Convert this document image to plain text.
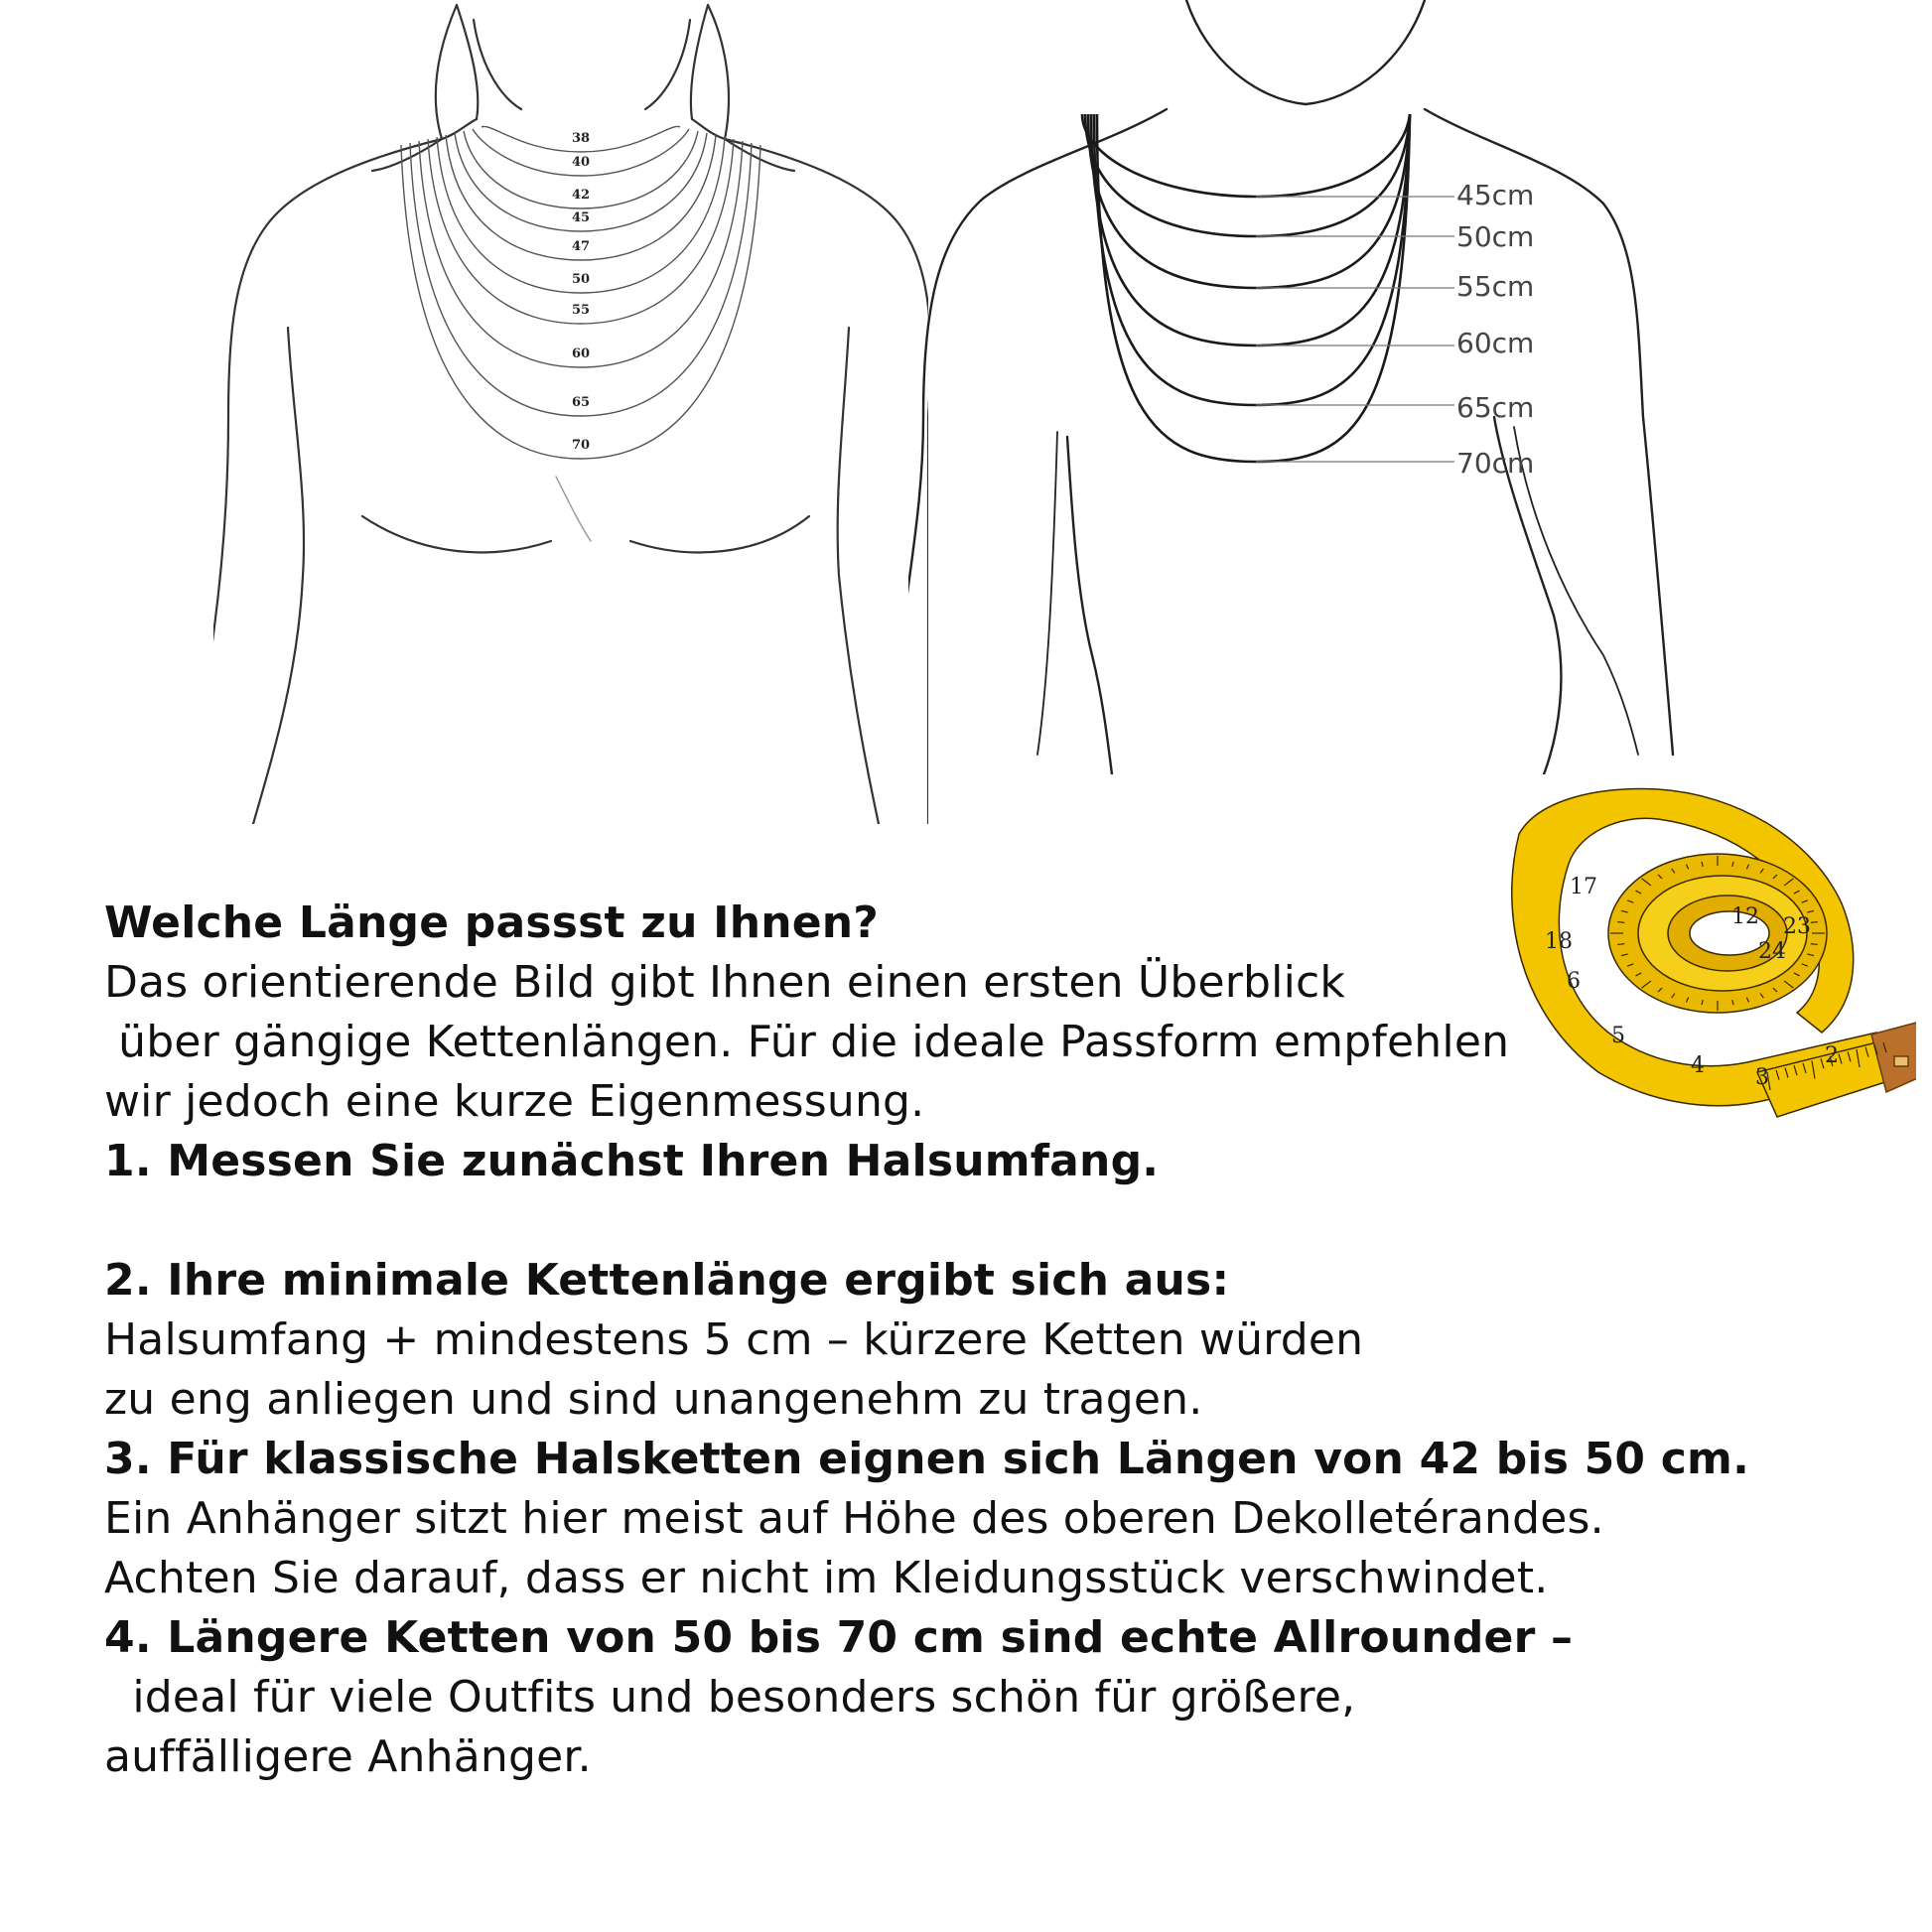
38
40
42
45
47
50
55
60
65
70
45cm
50cm
55cm
60cm
65cm
70cm
17
18
12 23
24
5
4 3
2
6
Welche Länge passst zu Ihnen?
Das orientierende Bild gibt Ihnen einen ersten Überblick
über gängige Kettenlängen. Für die ideale Passform empfehlen
wir jedoch eine kurze Eigenmessung.
1. Messen Sie zunächst Ihren Halsumfang.
2. Ihre minimale Kettenlänge ergibt sich aus:
Halsumfang + mindestens 5 cm – kürzere Ketten würden
zu eng anliegen und sind unangenehm zu tragen.
3. Für klassische Halsketten eignen sich Längen von 42 bis 50 cm.
Ein Anhänger sitzt hier meist auf Höhe des oberen Dekolletérandes.
Achten Sie darauf, dass er nicht im Kleidungsstück verschwindet.
4. Längere Ketten von 50 bis 70 cm sind echte Allrounder –
ideal für viele Outfits und besonders schön für größere,
auffälligere Anhänger.
